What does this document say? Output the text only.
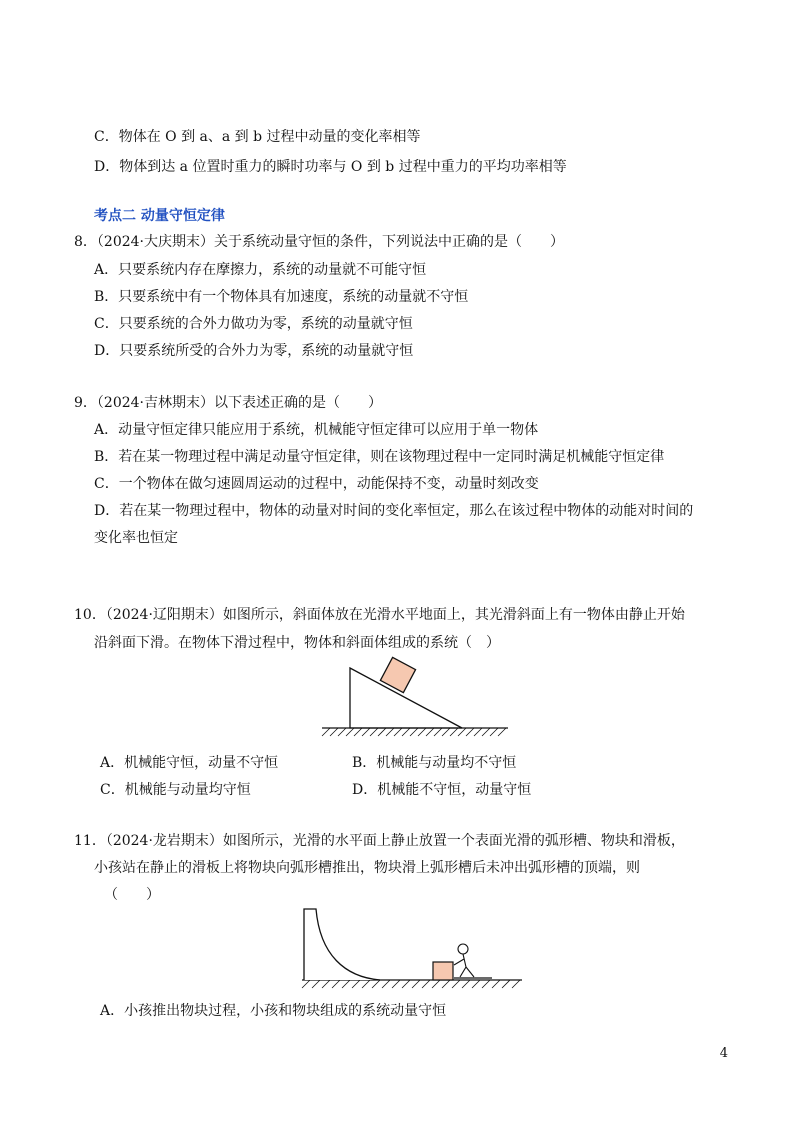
C．物体在 O 到 a、a 到 b 过程中动量的变化率相等
D．物体到达 a 位置时重力的瞬时功率与 O 到 b 过程中重力的平均功率相等
考点二 动量守恒定律
8．（2024·大庆期末）关于系统动量守恒的条件，下列说法中正确的是（　　）
A．只要系统内存在摩擦力，系统的动量就不可能守恒
B．只要系统中有一个物体具有加速度，系统的动量就不守恒
C．只要系统的合外力做功为零，系统的动量就守恒
D．只要系统所受的合外力为零，系统的动量就守恒
9．（2024·吉林期末）以下表述正确的是（　　）
A．动量守恒定律只能应用于系统，机械能守恒定律可以应用于单一物体
B．若在某一物理过程中满足动量守恒定律，则在该物理过程中一定同时满足机械能守恒定律
C．一个物体在做匀速圆周运动的过程中，动能保持不变，动量时刻改变
D．若在某一物理过程中，物体的动量对时间的变化率恒定，那么在该过程中物体的动能对时间的
变化率也恒定
10．（2024·辽阳期末）如图所示，斜面体放在光滑水平地面上，其光滑斜面上有一物体由静止开始
沿斜面下滑。在物体下滑过程中，物体和斜面体组成的系统（　）
A．机械能守恒，动量不守恒	B．机械能与动量均不守恒
C．机械能与动量均守恒	D．机械能不守恒，动量守恒
11．（2024·龙岩期末）如图所示，光滑的水平面上静止放置一个表面光滑的弧形槽、物块和滑板，
小孩站在静止的滑板上将物块向弧形槽推出，物块滑上弧形槽后未冲出弧形槽的顶端，则
（　　）
A．小孩推出物块过程，小孩和物块组成的系统动量守恒
4
